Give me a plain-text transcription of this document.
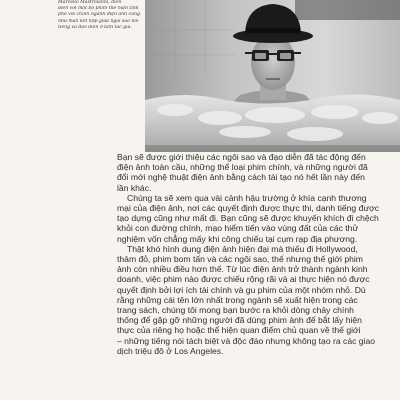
Marcello Mastroianni, diễn
diễn với một bộ phim thể hiện tính
phổ với chính ngành điện ảnh cũng
như màn kết hợp giữa ngôi sao nổi
tiếng và đạo diễn ở tầm tác giả.

Bạn sẽ được giới thiệu các ngôi sao và đạo diễn đã tác động đến
điện ảnh toàn cầu, những thể loại phim chính, và những người đã
đổi mới nghệ thuật điện ảnh bằng cách tái tạo nó hết lần này đến
lần khác.

Chúng ta sẽ xem qua vài cảnh hậu trường ở khía cạnh thương
mại của điện ảnh, nơi các quyết định được thực thi, danh tiếng được
tạo dựng cũng như mất đi. Bạn cũng sẽ được khuyến khích đi chệch
khỏi con đường chính, mạo hiểm tiến vào vùng đất của các thử
nghiệm vốn chẳng mấy khi công chiếu tại cụm rạp địa phương.

Thật khó hình dung điện ảnh hiện đại mà thiếu đi Hollywood,
thảm đỏ, phim bom tấn và các ngôi sao, thế nhưng thế giới phim
ảnh còn nhiều điều hơn thế. Từ lúc điện ảnh trở thành ngành kinh
doanh, việc phim nào được chiếu rộng rãi và ai thực hiện nó được
quyết định bởi lợi ích tài chính và gu phim của một nhóm nhỏ. Dù
rằng những cái tên lớn nhất trong ngành sẽ xuất hiện trong các
trang sách, chúng tôi mong bạn bước ra khỏi dòng chảy chính
thống để gặp gỡ những người đã dùng phim ảnh để bắt lấy hiện
thực của riêng họ hoặc thể hiện quan điểm chủ quan về thế giới
– những tiếng nói tách biệt và độc đáo nhưng không tạo ra các giao
dịch triệu đô ở Los Angeles.
